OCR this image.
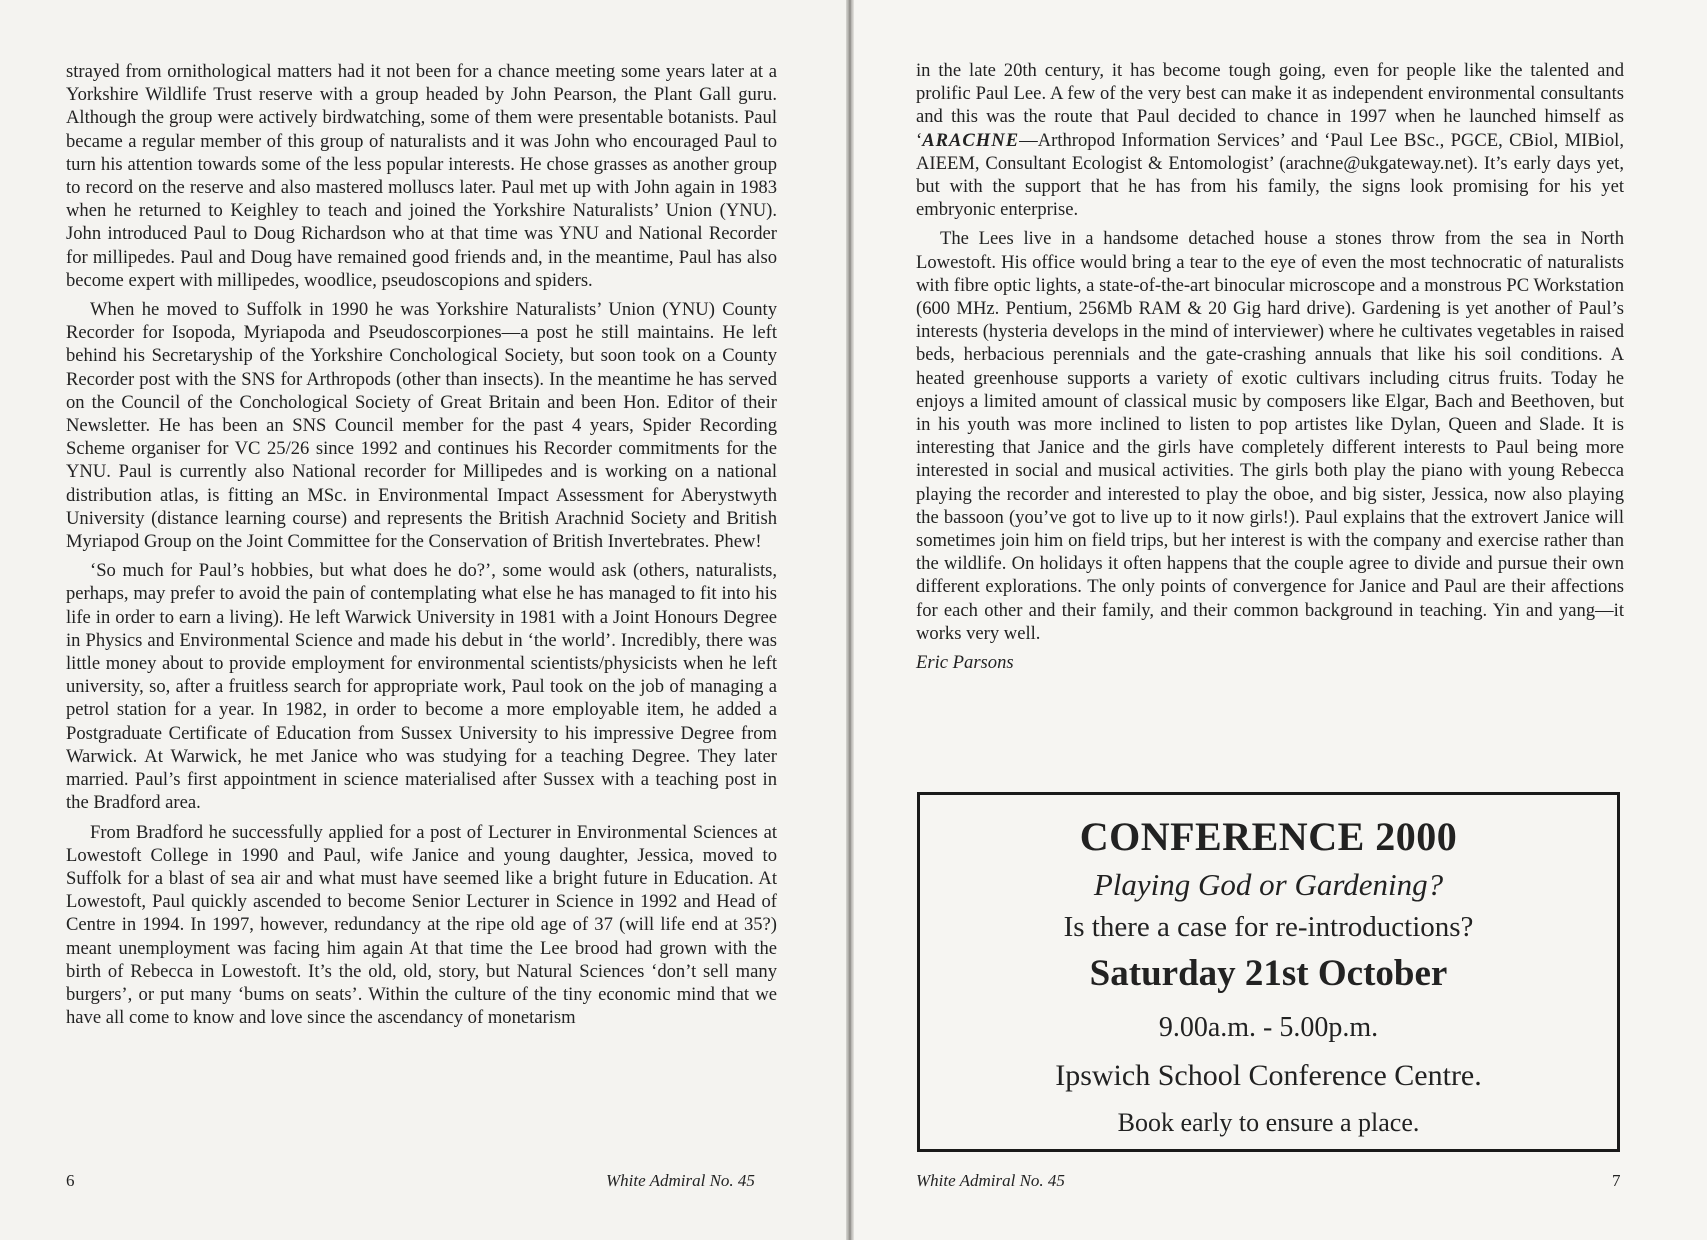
strayed from ornithological matters had it not been for a chance meeting some years later at a Yorkshire Wildlife Trust reserve with a group headed by John Pearson, the Plant Gall guru. Although the group were actively birdwatching, some of them were presentable botanists. Paul became a regular member of this group of naturalists and it was John who encouraged Paul to turn his attention towards some of the less popular interests. He chose grasses as another group to record on the reserve and also mastered molluscs later. Paul met up with John again in 1983 when he returned to Keighley to teach and joined the Yorkshire Naturalists’ Union (YNU). John introduced Paul to Doug Richardson who at that time was YNU and National Recorder for millipedes. Paul and Doug have remained good friends and, in the meantime, Paul has also become expert with millipedes, woodlice, pseudoscopions and spiders.

When he moved to Suffolk in 1990 he was Yorkshire Naturalists’ Union (YNU) County Recorder for Isopoda, Myriapoda and Pseudoscorpiones—a post he still maintains. He left behind his Secretaryship of the Yorkshire Conchological Society, but soon took on a County Recorder post with the SNS for Arthropods (other than insects). In the meantime he has served on the Council of the Conchological Society of Great Britain and been Hon. Editor of their Newsletter. He has been an SNS Council member for the past 4 years, Spider Recording Scheme organiser for VC 25/26 since 1992 and continues his Recorder commitments for the YNU. Paul is currently also National recorder for Millipedes and is working on a national distribution atlas, is fitting an MSc. in Environmental Impact Assessment for Aberystwyth University (distance learning course) and represents the British Arachnid Society and British Myriapod Group on the Joint Committee for the Conservation of British Invertebrates. Phew!

‘So much for Paul’s hobbies, but what does he do?’, some would ask (others, naturalists, perhaps, may prefer to avoid the pain of contemplating what else he has managed to fit into his life in order to earn a living). He left Warwick University in 1981 with a Joint Honours Degree in Physics and Environmental Science and made his debut in ‘the world’. Incredibly, there was little money about to provide employment for environmental scientists/physicists when he left university, so, after a fruitless search for appropriate work, Paul took on the job of managing a petrol station for a year. In 1982, in order to become a more employable item, he added a Postgraduate Certificate of Education from Sussex University to his impressive Degree from Warwick. At Warwick, he met Janice who was studying for a teaching Degree. They later married. Paul’s first appointment in science materialised after Sussex with a teaching post in the Bradford area.

From Bradford he successfully applied for a post of Lecturer in Environmental Sciences at Lowestoft College in 1990 and Paul, wife Janice and young daughter, Jessica, moved to Suffolk for a blast of sea air and what must have seemed like a bright future in Education. At Lowestoft, Paul quickly ascended to become Senior Lecturer in Science in 1992 and Head of Centre in 1994. In 1997, however, redundancy at the ripe old age of 37 (will life end at 35?) meant unemployment was facing him again At that time the Lee brood had grown with the birth of Rebecca in Lowestoft. It’s the old, old, story, but Natural Sciences ‘don’t sell many burgers’, or put many ‘bums on seats’. Within the culture of the tiny economic mind that we have all come to know and love since the ascendancy of monetarism

6	White Admiral No. 45

in the late 20th century, it has become tough going, even for people like the talented and prolific Paul Lee. A few of the very best can make it as independent environmental consultants and this was the route that Paul decided to chance in 1997 when he launched himself as ‘ARACHNE—Arthropod Information Services’ and ‘Paul Lee BSc., PGCE, CBiol, MIBiol, AIEEM, Consultant Ecologist & Entomologist’ (arachne@ukgateway.net). It’s early days yet, but with the support that he has from his family, the signs look promising for his yet embryonic enterprise.

The Lees live in a handsome detached house a stones throw from the sea in North Lowestoft. His office would bring a tear to the eye of even the most technocratic of naturalists with fibre optic lights, a state-of-the-art binocular microscope and a monstrous PC Workstation (600 MHz. Pentium, 256Mb RAM & 20 Gig hard drive). Gardening is yet another of Paul’s interests (hysteria develops in the mind of interviewer) where he cultivates vegetables in raised beds, herbacious perennials and the gate-crashing annuals that like his soil conditions. A heated greenhouse supports a variety of exotic cultivars including citrus fruits. Today he enjoys a limited amount of classical music by composers like Elgar, Bach and Beethoven, but in his youth was more inclined to listen to pop artistes like Dylan, Queen and Slade. It is interesting that Janice and the girls have completely different interests to Paul being more interested in social and musical activities. The girls both play the piano with young Rebecca playing the recorder and interested to play the oboe, and big sister, Jessica, now also playing the bassoon (you’ve got to live up to it now girls!). Paul explains that the extrovert Janice will sometimes join him on field trips, but her interest is with the company and exercise rather than the wildlife. On holidays it often happens that the couple agree to divide and pursue their own different explorations. The only points of convergence for Janice and Paul are their affections for each other and their family, and their common background in teaching. Yin and yang—it works very well.

Eric Parsons

CONFERENCE 2000
Playing God or Gardening?
Is there a case for re-introductions?
Saturday 21st October
9.00a.m. - 5.00p.m.
Ipswich School Conference Centre.
Book early to ensure a place.
White Admiral No. 45	7
